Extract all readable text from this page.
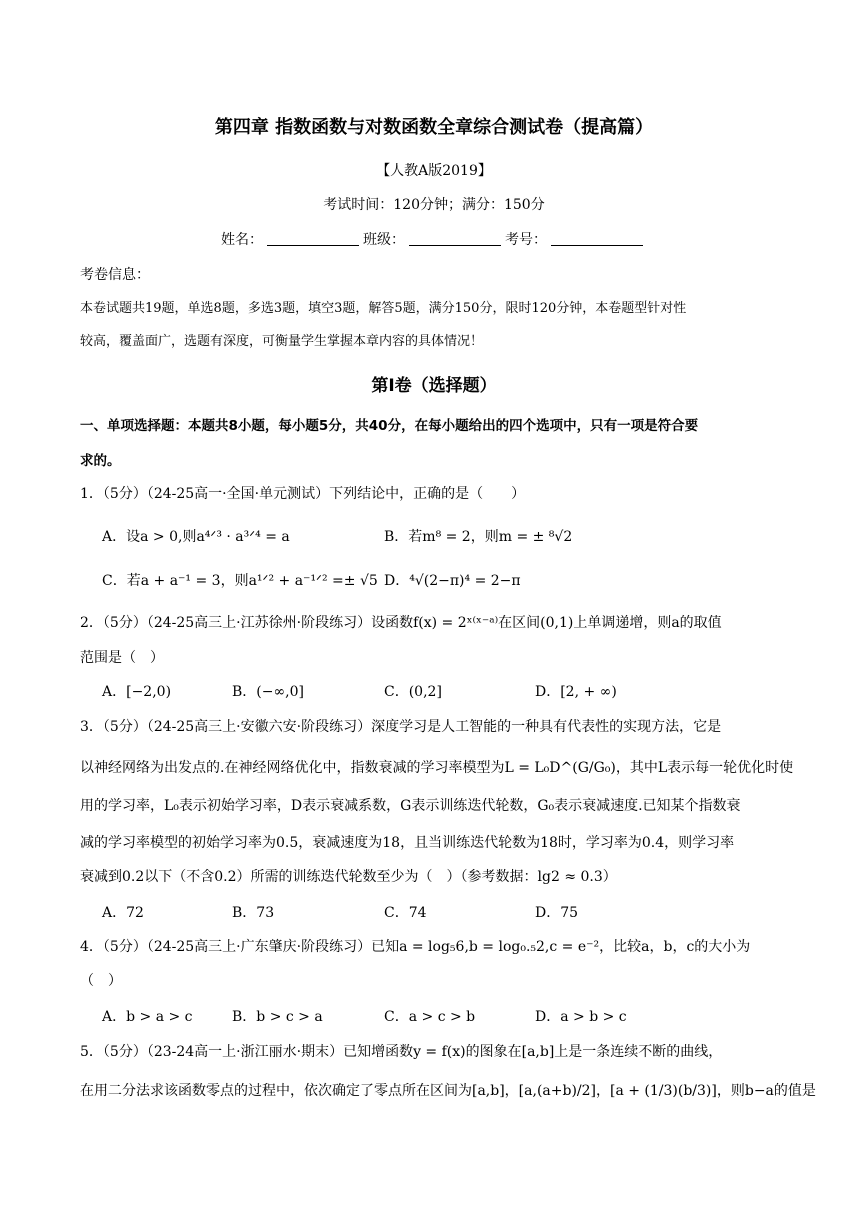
第四章 指数函数与对数函数全章综合测试卷（提高篇）
【人教A版2019】
考试时间：120分钟；满分：150分
姓名：	班级：	考号：
考卷信息：
本卷试题共19题，单选8题，多选3题，填空3题，解答5题，满分150分，限时120分钟，本卷题型针对性
较高，覆盖面广，选题有深度，可衡量学生掌握本章内容的具体情况！
第Ⅰ卷（选择题）
一、单项选择题：本题共8小题，每小题5分，共40分，在每小题给出的四个选项中，只有一项是符合要
求的。
1．（5分）（24-25高一·全国·单元测试）下列结论中，正确的是（　　）
A．设a > 0,则a⁴ᐟ³ · a³ᐟ⁴ = a	B．若m⁸ = 2，则m = ± ⁸√2
C．若a + a⁻¹ = 3，则a¹ᐟ² + a⁻¹ᐟ² =± √5 D．⁴√(2−π)⁴ = 2−π
2．（5分）（24-25高三上·江苏徐州·阶段练习）设函数f(x) = 2ˣ⁽ˣ⁻ᵃ⁾在区间(0,1)上单调递增，则a的取值
范围是（　）
A．[−2,0)	B．(−∞,0]	C．(0,2]	D．[2, + ∞)
3．（5分）（24-25高三上·安徽六安·阶段练习）深度学习是人工智能的一种具有代表性的实现方法，它是
以神经网络为出发点的.在神经网络优化中，指数衰减的学习率模型为L = L₀D^(G/G₀)，其中L表示每一轮优化时使
用的学习率，L₀表示初始学习率，D表示衰减系数，G表示训练迭代轮数，G₀表示衰减速度.已知某个指数衰
减的学习率模型的初始学习率为0.5，衰减速度为18，且当训练迭代轮数为18时，学习率为0.4，则学习率
衰减到0.2以下（不含0.2）所需的训练迭代轮数至少为（　）（参考数据：lg2 ≈ 0.3）
A．72	B．73	C．74	D．75
4．（5分）（24-25高三上·广东肇庆·阶段练习）已知a = log₅6,b = log₀.₅2,c = e⁻²，比较a，b，c的大小为
（　）
A．b > a > c	B．b > c > a	C．a > c > b	D．a > b > c
5．（5分）（23-24高一上·浙江丽水·期末）已知增函数y = f(x)的图象在[a,b]上是一条连续不断的曲线，
在用二分法求该函数零点的过程中，依次确定了零点所在区间为[a,b]，[a,(a+b)/2]，[a + (1/3)(b/3)]，则b−a的值是
